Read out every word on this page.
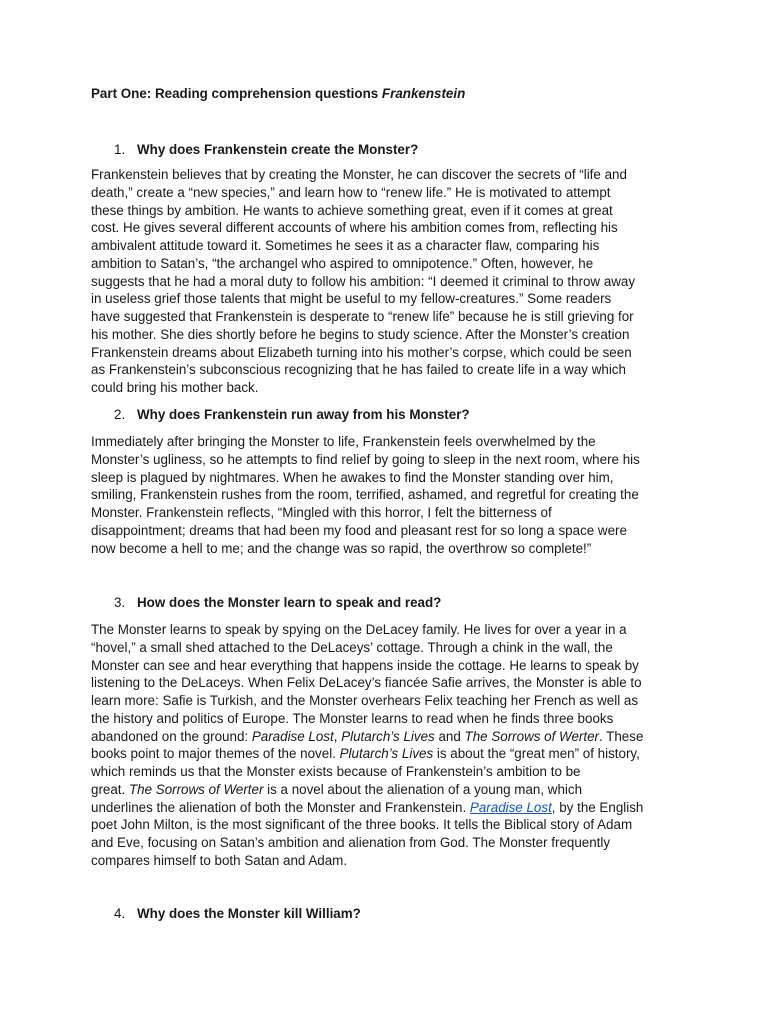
Part One: Reading comprehension questions Frankenstein
1. Why does Frankenstein create the Monster?
Frankenstein believes that by creating the Monster, he can discover the secrets of “life and
death,” create a “new species,” and learn how to “renew life.” He is motivated to attempt
these things by ambition. He wants to achieve something great, even if it comes at great
cost. He gives several different accounts of where his ambition comes from, reflecting his
ambivalent attitude toward it. Sometimes he sees it as a character flaw, comparing his
ambition to Satan’s, “the archangel who aspired to omnipotence.” Often, however, he
suggests that he had a moral duty to follow his ambition: “I deemed it criminal to throw away
in useless grief those talents that might be useful to my fellow-creatures.” Some readers
have suggested that Frankenstein is desperate to “renew life” because he is still grieving for
his mother. She dies shortly before he begins to study science. After the Monster’s creation
Frankenstein dreams about Elizabeth turning into his mother’s corpse, which could be seen
as Frankenstein’s subconscious recognizing that he has failed to create life in a way which
could bring his mother back.
2. Why does Frankenstein run away from his Monster?
Immediately after bringing the Monster to life, Frankenstein feels overwhelmed by the
Monster’s ugliness, so he attempts to find relief by going to sleep in the next room, where his
sleep is plagued by nightmares. When he awakes to find the Monster standing over him,
smiling, Frankenstein rushes from the room, terrified, ashamed, and regretful for creating the
Monster. Frankenstein reflects, “Mingled with this horror, I felt the bitterness of
disappointment; dreams that had been my food and pleasant rest for so long a space were
now become a hell to me; and the change was so rapid, the overthrow so complete!”
3. How does the Monster learn to speak and read?
The Monster learns to speak by spying on the DeLacey family. He lives for over a year in a
“hovel,” a small shed attached to the DeLaceys’ cottage. Through a chink in the wall, the
Monster can see and hear everything that happens inside the cottage. He learns to speak by
listening to the DeLaceys. When Felix DeLacey’s fiancée Safie arrives, the Monster is able to
learn more: Safie is Turkish, and the Monster overhears Felix teaching her French as well as
the history and politics of Europe. The Monster learns to read when he finds three books
abandoned on the ground: Paradise Lost, Plutarch’s Lives and The Sorrows of Werter. These
books point to major themes of the novel. Plutarch’s Lives is about the “great men” of history,
which reminds us that the Monster exists because of Frankenstein’s ambition to be
great. The Sorrows of Werter is a novel about the alienation of a young man, which
underlines the alienation of both the Monster and Frankenstein. Paradise Lost, by the English
poet John Milton, is the most significant of the three books. It tells the Biblical story of Adam
and Eve, focusing on Satan’s ambition and alienation from God. The Monster frequently
compares himself to both Satan and Adam.
4. Why does the Monster kill William?
